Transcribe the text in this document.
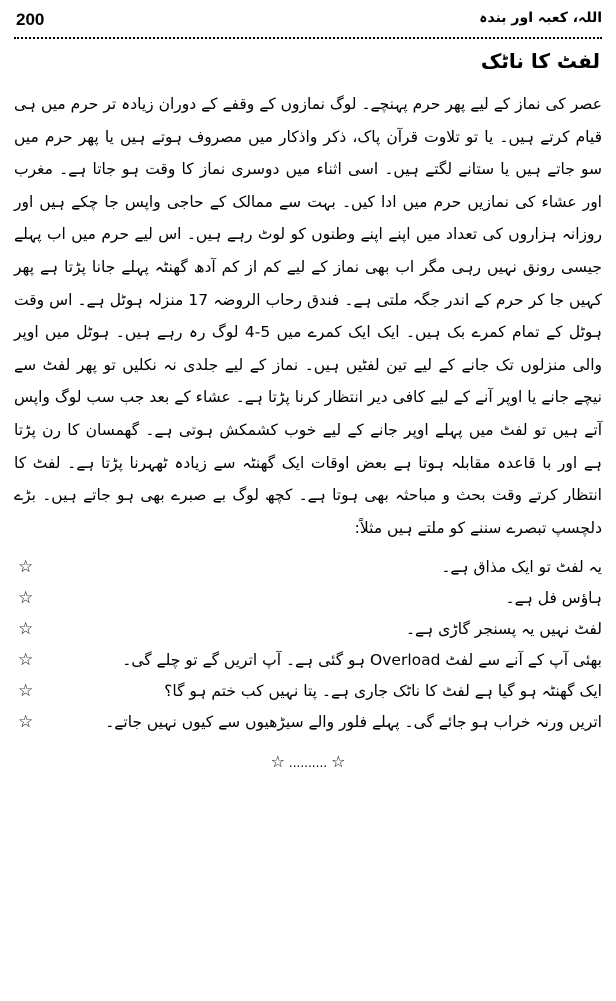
200	اللہ، کعبہ اور بندہ
لفٹ کا ناٹک

عصر کی نماز کے لیے پھر حرم پہنچے۔ لوگ نمازوں کے وقفے کے دوران زیادہ تر حرم میں ہی قیام کرتے ہیں۔ یا تو تلاوت قرآن پاک، ذکر واذکار میں مصروف ہوتے ہیں یا پھر حرم میں سو جاتے ہیں یا ستانے لگتے ہیں۔ اسی اثناء میں دوسری نماز کا وقت ہو جاتا ہے۔ مغرب اور عشاء کی نمازیں حرم میں ادا کیں۔ بہت سے ممالک کے حاجی واپس جا چکے ہیں اور روزانہ ہزاروں کی تعداد میں اپنے اپنے وطنوں کو لوٹ رہے ہیں۔ اس لیے حرم میں اب پہلے جیسی رونق نہیں رہی مگر اب بھی نماز کے لیے کم از کم آدھ گھنٹہ پہلے جانا پڑتا ہے پھر کہیں جا کر حرم کے اندر جگہ ملتی ہے۔ فندق رحاب الروضہ 17 منزلہ ہوٹل ہے۔ اس وقت ہوٹل کے تمام کمرے بک ہیں۔ ایک ایک کمرے میں 5-4 لوگ رہ رہے ہیں۔ ہوٹل میں اوپر والی منزلوں تک جانے کے لیے تین لفٹیں ہیں۔ نماز کے لیے جلدی نہ نکلیں تو پھر لفٹ سے نیچے جانے یا اوپر آنے کے لیے کافی دیر انتظار کرنا پڑتا ہے۔ عشاء کے بعد جب سب لوگ واپس آتے ہیں تو لفٹ میں پہلے اوپر جانے کے لیے خوب کشمکش ہوتی ہے۔ گھمسان کا رن پڑتا ہے اور با قاعدہ مقابلہ ہوتا ہے بعض اوقات ایک گھنٹہ سے زیادہ ٹھہرنا پڑتا ہے۔ لفٹ کا انتظار کرتے وقت بحث و مباحثہ بھی ہوتا ہے۔ کچھ لوگ بے صبرے بھی ہو جاتے ہیں۔ بڑے دلچسپ تبصرے سننے کو ملتے ہیں مثلاً:

یہ لفٹ تو ایک مذاق ہے۔
☆
ہاؤس فل ہے۔
☆
لفٹ نہیں یہ پسنجر گاڑی ہے۔
☆
بھئی آپ کے آنے سے لفٹ Overload ہو گئی ہے۔ آپ اتریں گے تو چلے گی۔
☆
ایک گھنٹہ ہو گیا ہے لفٹ کا ناٹک جاری ہے۔ پتا نہیں کب ختم ہو گا؟
☆
اتریں ورنہ خراب ہو جائے گی۔ پہلے فلور والے سیڑھیوں سے کیوں نہیں جاتے۔
☆
☆ .......... ☆
